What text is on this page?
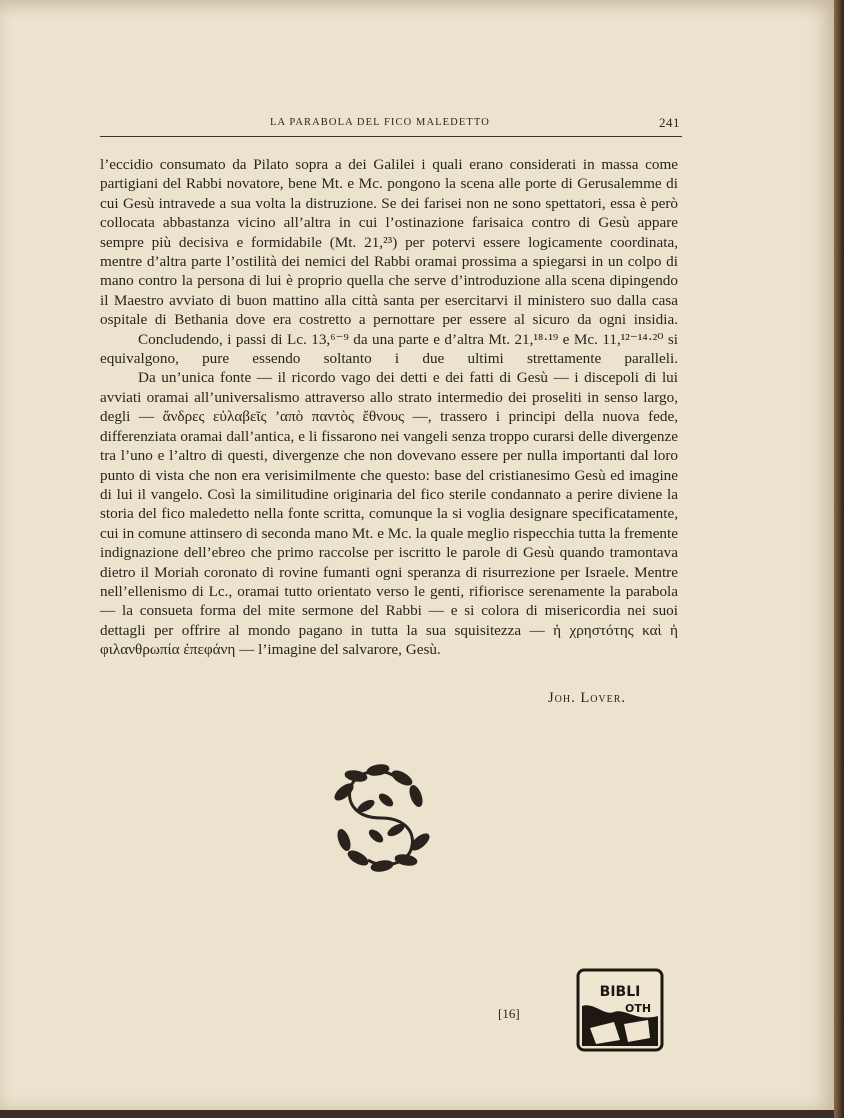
LA PARABOLA DEL FICO MALEDETTO	241

l’eccidio consumato da Pilato sopra a dei Galilei i quali erano considerati in massa come partigiani del Rabbi novatore, bene Mt. e Mc. pongono la scena alle porte di Gerusalemme di cui Gesù intravede a sua volta la distruzione. Se dei farisei non ne sono spettatori, essa è però collocata abbastanza vicino all’altra in cui l’ostinazione farisaica contro di Gesù appare sempre più decisiva e formidabile (Mt. 21,²³) per potervi essere logicamente coordinata, mentre d’altra parte l’ostilità dei nemici del Rabbi oramai prossima a spiegarsi in un colpo di mano contro la persona di lui è proprio quella che serve d’introduzione alla scena dipingendo il Maestro avviato di buon mattino alla città santa per esercitarvi il ministero suo dalla casa ospitale di Bethania dove era costretto a pernottare per essere al sicuro da ogni insidia.

Concludendo, i passi di Lc. 13,⁶⁻⁹ da una parte e d’altra Mt. 21,¹⁸·¹⁹ e Mc. 11,¹²⁻¹⁴·²⁰ si equivalgono, pure essendo soltanto i due ultimi strettamente paralleli.

Da un’unica fonte — il ricordo vago dei detti e dei fatti di Gesù — i discepoli di lui avviati oramai all’universalismo attraverso allo strato intermedio dei proseliti in senso largo, degli — ἄνδρες εὐλαβεῖς ’απὸ παντὸς ἔθνους —, trassero i principi della nuova fede, differenziata oramai dall’antica, e li fissarono nei vangeli senza troppo curarsi delle divergenze tra l’uno e l’altro di questi, divergenze che non dovevano essere per nulla importanti dal loro punto di vista che non era verisimilmente che questo: base del cristianesimo Gesù ed imagine di lui il vangelo. Così la similitudine originaria del fico sterile condannato a perire diviene la storia del fico maledetto nella fonte scritta, comunque la si voglia designare specificatamente, cui in comune attinsero di seconda mano Mt. e Mc. la quale meglio rispecchia tutta la fremente indignazione dell’ebreo che primo raccolse per iscritto le parole di Gesù quando tramontava dietro il Moriah coronato di rovine fumanti ogni speranza di risurrezione per Israele. Mentre nell’ellenismo di Lc., oramai tutto orientato verso le genti, rifiorisce serenamente la parabola — la consueta forma del mite sermone del Rabbi — e si colora di misericordia nei suoi dettagli per offrire al mondo pagano in tutta la sua squisitezza — ἡ χρηστότης καὶ ἡ φιλανθρωπία ἐπεφάνη — l’imagine del salvarore, Gesù.

Joh. Lover.
[16]
BIBLI
OTH
